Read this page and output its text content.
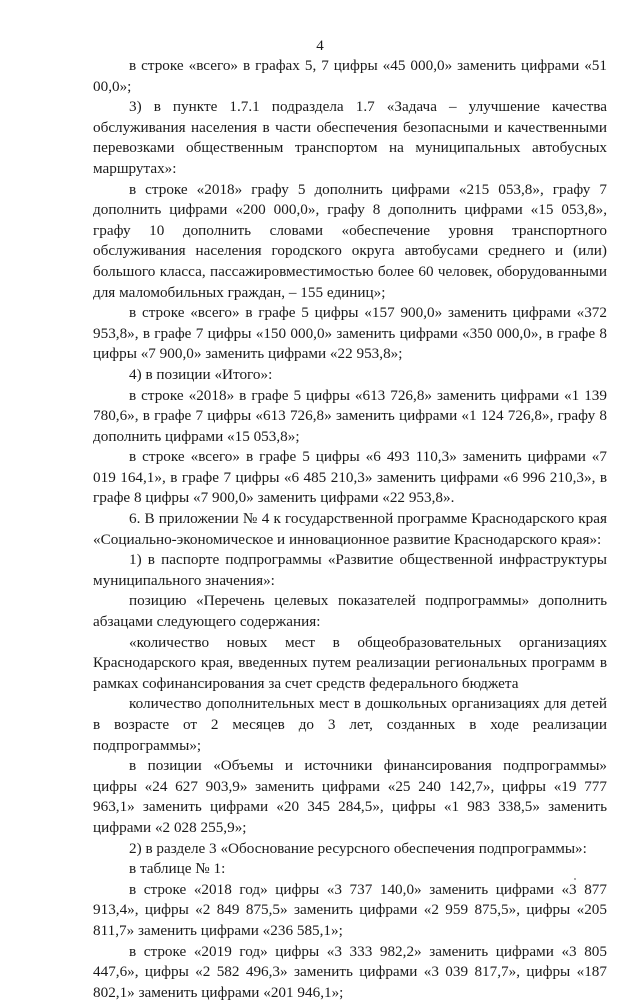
4

в строке «всего» в графах 5, 7 цифры «45 000,0» заменить цифрами «51 00,0»;

3) в пункте 1.7.1 подраздела 1.7 «Задача – улучшение качества обслуживания населения в части обеспечения безопасными и качественными перевозками общественным транспортом на муниципальных автобусных маршрутах»:

в строке «2018» графу 5 дополнить цифрами «215 053,8», графу 7 дополнить цифрами «200 000,0», графу 8 дополнить цифрами «15 053,8», графу 10 дополнить словами «обеспечение уровня транспортного обслуживания населения городского округа автобусами среднего и (или) большого класса, пассажировместимостью более 60 человек, оборудованными для маломобильных граждан, – 155 единиц»;

в строке «всего» в графе 5 цифры «157 900,0» заменить цифрами «372 953,8», в графе 7 цифры «150 000,0» заменить цифрами «350 000,0», в графе 8 цифры «7 900,0» заменить цифрами «22 953,8»;

4) в позиции «Итого»:

в строке «2018» в графе 5 цифры «613 726,8» заменить цифрами «1 139 780,6», в графе 7 цифры «613 726,8» заменить цифрами «1 124 726,8», графу 8 дополнить цифрами «15 053,8»;

в строке «всего» в графе 5 цифры «6 493 110,3» заменить цифрами «7 019 164,1», в графе 7 цифры «6 485 210,3» заменить цифрами «6 996 210,3», в графе 8 цифры «7 900,0» заменить цифрами «22 953,8».

6. В приложении № 4 к государственной программе Краснодарского края «Социально-экономическое и инновационное развитие Краснодарского края»:

1) в паспорте подпрограммы «Развитие общественной инфраструктуры муниципального значения»:

позицию «Перечень целевых показателей подпрограммы» дополнить абзацами следующего содержания:

«количество новых мест в общеобразовательных организациях Краснодарского края, введенных путем реализации региональных программ в рамках софинансирования за счет средств федерального бюджета

количество дополнительных мест в дошкольных организациях для детей в возрасте от 2 месяцев до 3 лет, созданных в ходе реализации подпрограммы»;

в позиции «Объемы и источники финансирования подпрограммы» цифры «24 627 903,9» заменить цифрами «25 240 142,7», цифры «19 777 963,1» заменить цифрами «20 345 284,5», цифры «1 983 338,5» заменить цифрами «2 028 255,9»;

2) в разделе 3 «Обоснование ресурсного обеспечения подпрограммы»:

в таблице № 1:

в строке «2018 год» цифры «3 737 140,0» заменить цифрами «3 877 913,4», цифры «2 849 875,5» заменить цифрами «2 959 875,5», цифры «205 811,7» заменить цифрами «236 585,1»;

в строке «2019 год» цифры «3 333 982,2» заменить цифрами «3 805 447,6», цифры «2 582 496,3» заменить цифрами «3 039 817,7», цифры «187 802,1» заменить цифрами «201 946,1»;
